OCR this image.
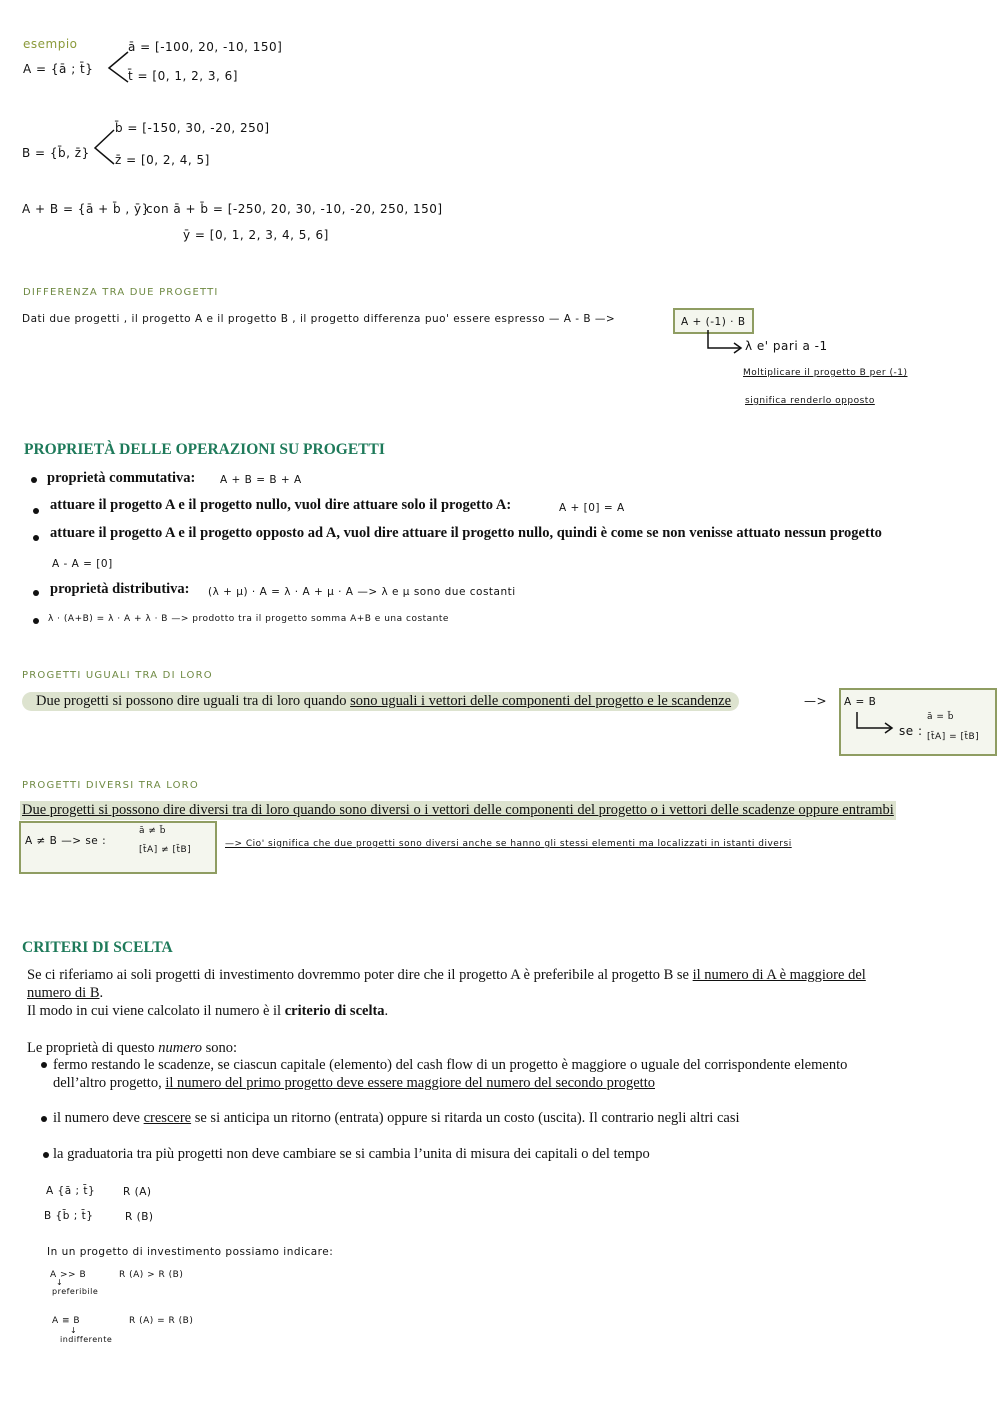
esempio
A = {ā ; t̄}
ā = [-100, 20, -10, 150]
t̄ = [0, 1, 2, 3, 6]
B = {b̄, z̄}
b̄ = [-150, 30, -20, 250]
z̄ = [0, 2, 4, 5]
A + B = {ā + b̄ , ȳ}
con ā + b̄ = [-250, 20, 30, -10, -20, 250, 150]
ȳ = [0, 1, 2, 3, 4, 5, 6]
DIFFERENZA TRA DUE PROGETTI
Dati due progetti , il progetto A e il progetto B , il progetto differenza puo' essere espresso — A - B —>	A + (-1) · B
λ e' pari a -1
Moltiplicare il progetto B per (-1)
significa renderlo opposto
PROPRIETÀ DELLE OPERAZIONI SU PROGETTI
proprietà commutativa: A + B = B + A
attuare il progetto A e il progetto nullo, vuol dire attuare solo il progetto A:	A + [0] = A
attuare il progetto A e il progetto opposto ad A, vuol dire attuare il progetto nullo, quindi è come se non venisse attuato nessun progetto
A - A = [0]
proprietà distributiva: (λ + μ) · A = λ · A + μ · A —> λ e μ sono due costanti
λ · (A+B) = λ · A + λ · B —> prodotto tra il progetto somma A+B e una costante
PROGETTI UGUALI TRA DI LORO
Due progetti si possono dire uguali tra di loro quando sono uguali i vettori delle componenti del progetto e le scandenze	—> A = B
se :
ā = b̄
[t̄A] = [t̄B]
PROGETTI DIVERSI TRA LORO
Due progetti si possono dire diversi tra di loro quando sono diversi o i vettori delle componenti del progetto o i vettori delle scadenze oppure entrambi
A ≠ B —> se :
ā ≠ b̄
[t̄A] ≠ [t̄B]
—> Cio' significa che due progetti sono diversi anche se hanno gli stessi elementi ma localizzati in istanti diversi
CRITERI DI SCELTA
Se ci riferiamo ai soli progetti di investimento dovremmo poter dire che il progetto A è preferibile al progetto B se il numero di A è maggiore del
numero di B.
Il modo in cui viene calcolato il numero è il criterio di scelta.
Le proprietà di questo numero sono:
fermo restando le scadenze, se ciascun capitale (elemento) del cash flow di un progetto è maggiore o uguale del corrispondente elemento
dell’altro progetto, il numero del primo progetto deve essere maggiore del numero del secondo progetto
il numero deve crescere se si anticipa un ritorno (entrata) oppure si ritarda un costo (uscita). Il contrario negli altri casi
la graduatoria tra più progetti non deve cambiare se si cambia l’unita di misura dei capitali o del tempo
A {ā ; t̄}	R (A)
B {b̄ ; t̄}	R (B)
In un progetto di investimento possiamo indicare:
A >> B	R (A) > R (B)
↓
preferibile
A ≡ B	R (A) = R (B)
↓
indifferente
